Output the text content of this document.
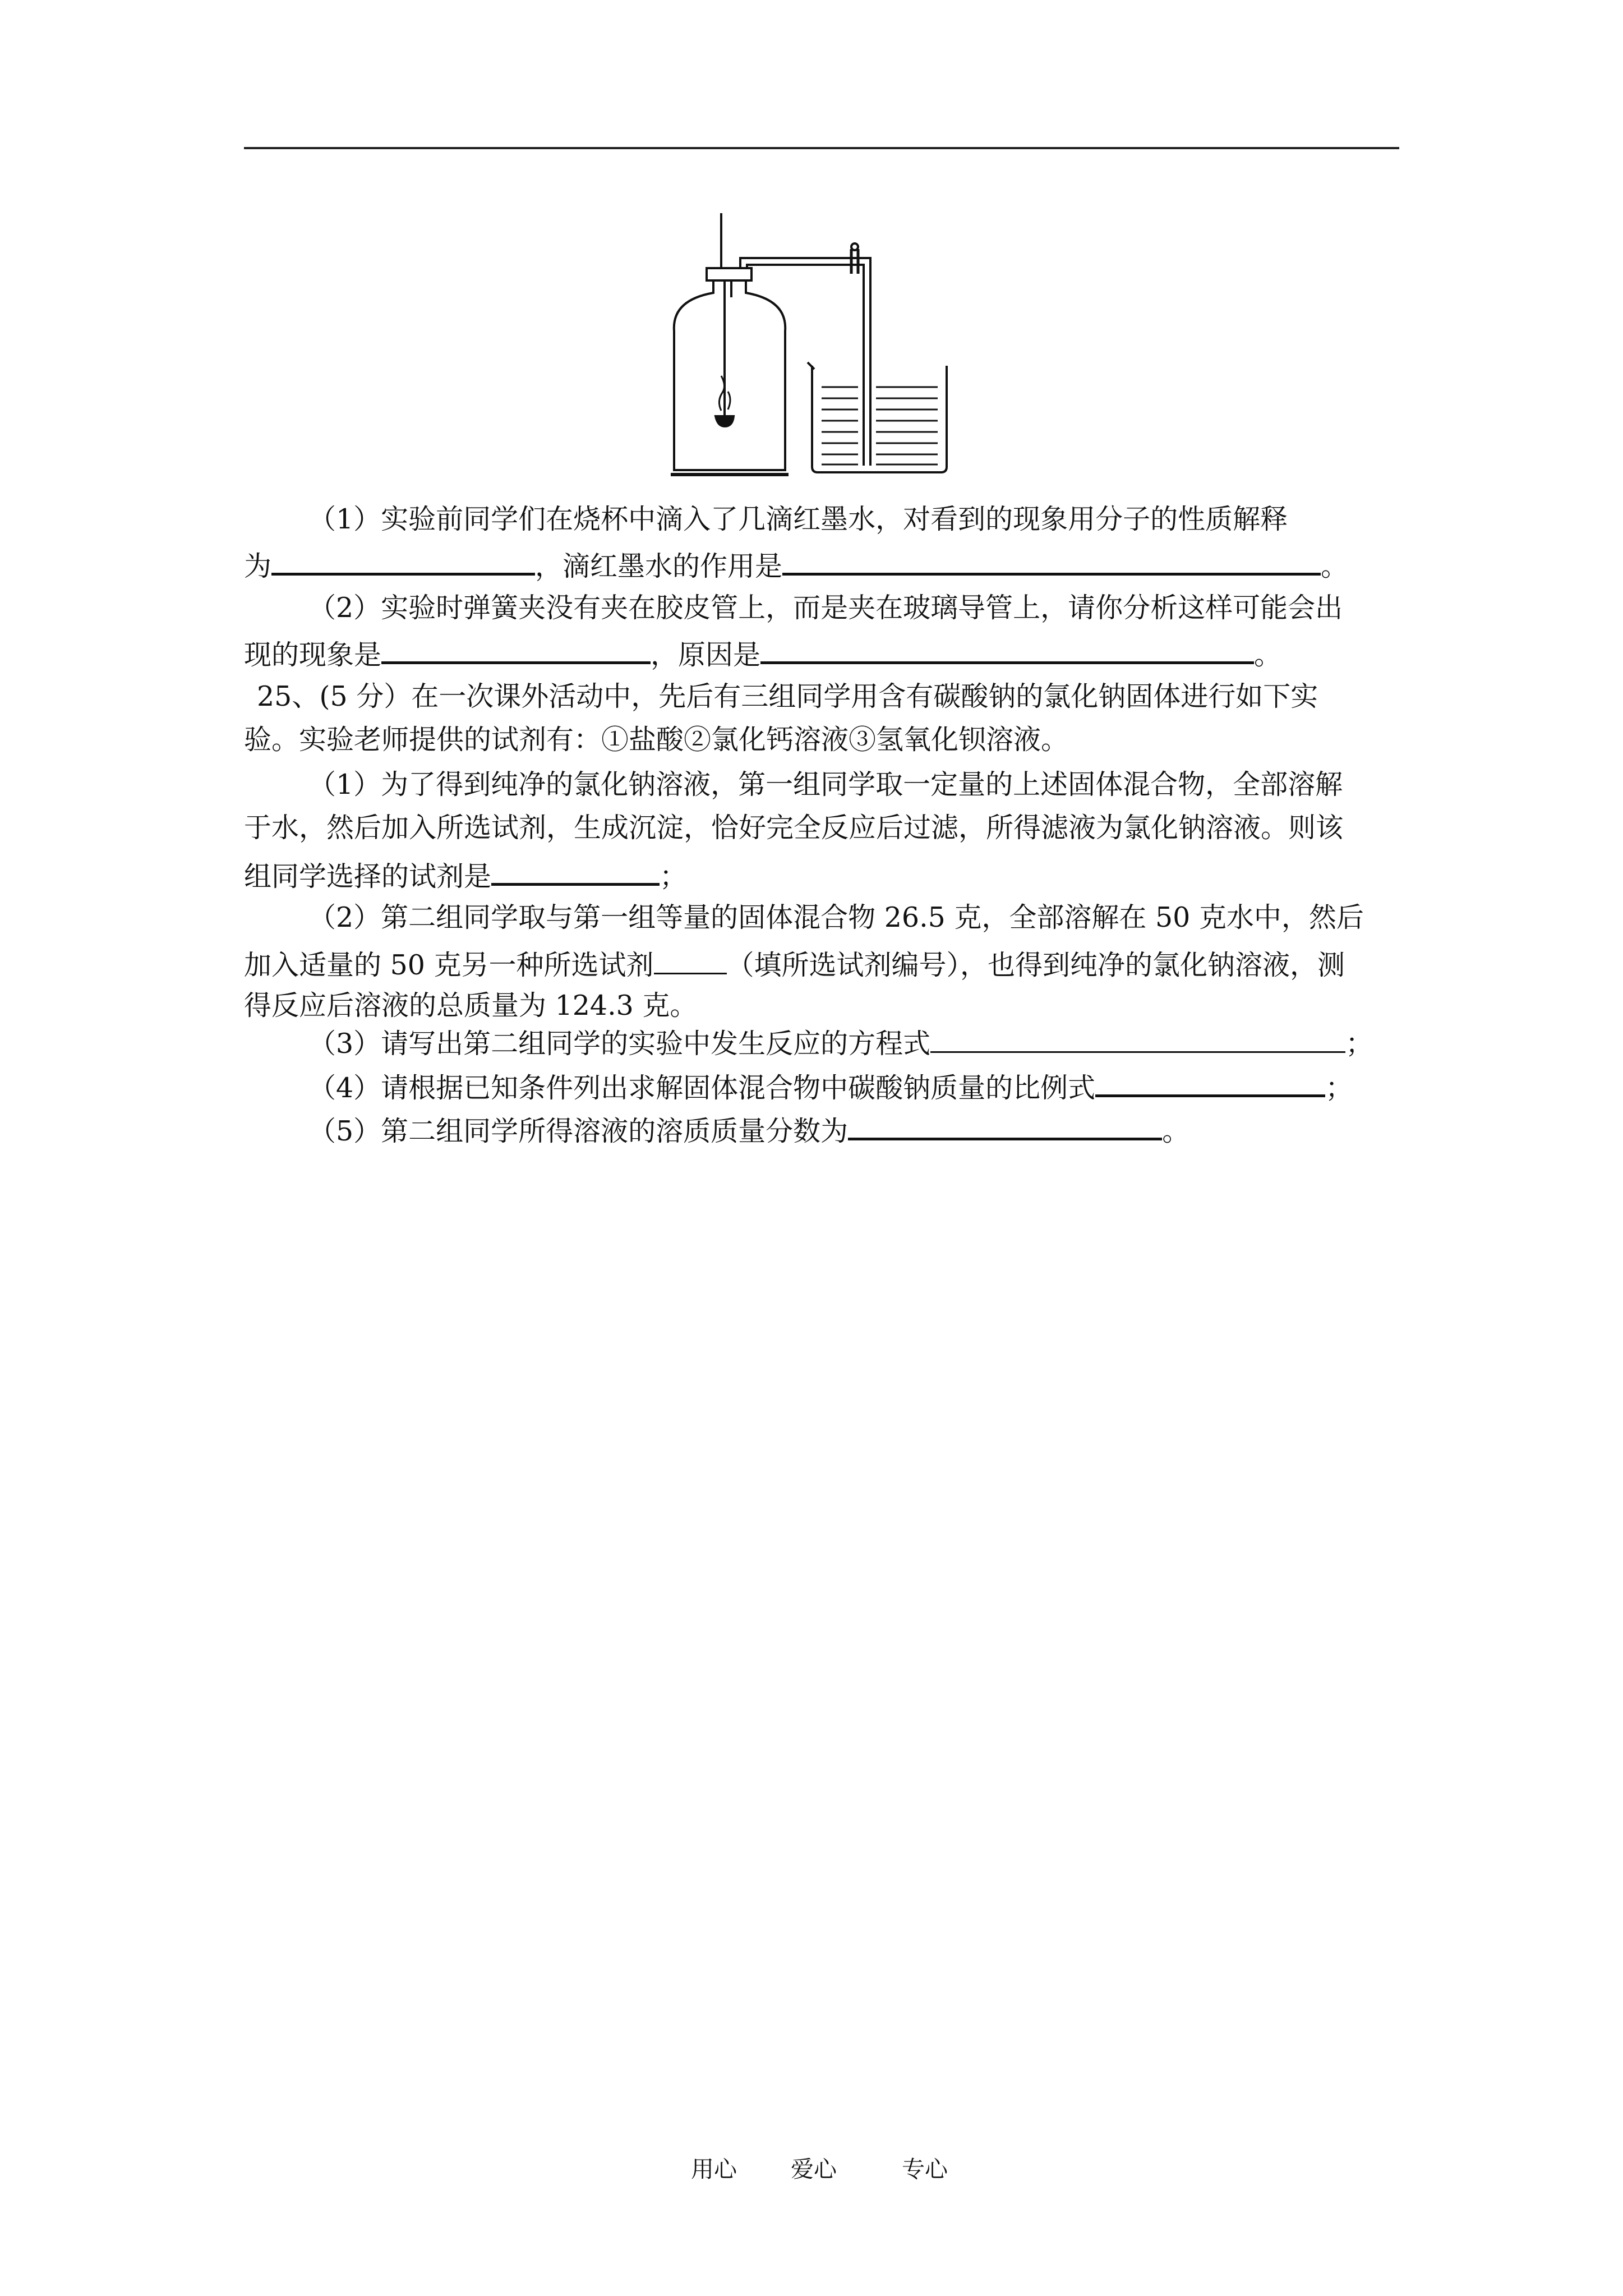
（1）实验前同学们在烧杯中滴入了几滴红墨水，对看到的现象用分子的性质解释
为	，滴红墨水的作用是	。
（2）实验时弹簧夹没有夹在胶皮管上，而是夹在玻璃导管上，请你分析这样可能会出
现的现象是	，原因是	。
25、(5 分）在一次课外活动中，先后有三组同学用含有碳酸钠的氯化钠固体进行如下实
验。实验老师提供的试剂有：①盐酸②氯化钙溶液③氢氧化钡溶液。
（1）为了得到纯净的氯化钠溶液，第一组同学取一定量的上述固体混合物，全部溶解
于水，然后加入所选试剂，生成沉淀，恰好完全反应后过滤，所得滤液为氯化钠溶液。则该
组同学选择的试剂是	；
（2）第二组同学取与第一组等量的固体混合物 26.5 克，全部溶解在 50 克水中，然后
加入适量的 50 克另一种所选试剂	（填所选试剂编号），也得到纯净的氯化钠溶液，测
得反应后溶液的总质量为 124.3 克。
（3）请写出第二组同学的实验中发生反应的方程式	；
（4）请根据已知条件列出求解固体混合物中碳酸钠质量的比例式	；
（5）第二组同学所得溶液的溶质质量分数为	。
用心 爱心	专心
